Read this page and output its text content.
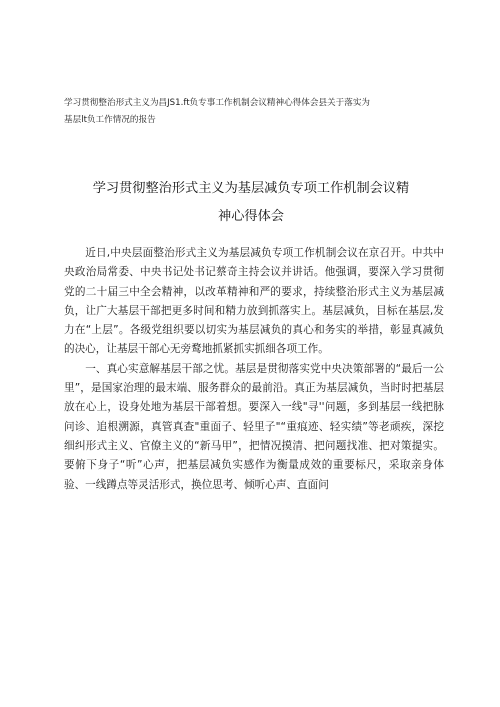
学习贯彻整治形式主义为昌JS1.ft负专事工作机制会议精神心得体会县关于落实为
基层lt负工作情况的报告
学习贯彻整治形式主义为基层减负专项工作机制会议精
神心得体会

近日,中央层面整治形式主义为基层减负专项工作机制会议在京召开。中共中央政治局常委、中央书记处书记蔡奇主持会议并讲话。他强调，要深入学习贯彻党的二十届三中全会精神，以改革精神和严的要求，持续整治形式主义为基层减负，让广大基层干部把更多时间和精力放到抓落实上。基层减负，目标在基层,发力在“上层”。各级党组织要以切实为基层减负的真心和务实的举措，彰显真减负的决心，让基层干部心无旁鹜地抓紧抓实抓细各项工作。

一、真心实意解基层干部之忧。基层是贯彻落实党中央决策部署的“最后一公里”，是国家治理的最末端、服务群众的最前沿。真正为基层减负，当时时把基层放在心上，设身处地为基层干部着想。要深入一线"寻''问题，多到基层一线把脉问诊、追根溯源，真管真查"重面子、轻里子"“重痕迹、轻实绩”等老顽疾，深挖细纠形式主义、官僚主义的“新马甲”，把情况摸清、把问题找准、把对策提实。要俯下身子“听”心声，把基层减负实感作为衡量成效的重要标尺，采取亲身体验、一线蹲点等灵活形式，换位思考、倾听心声、直面问
